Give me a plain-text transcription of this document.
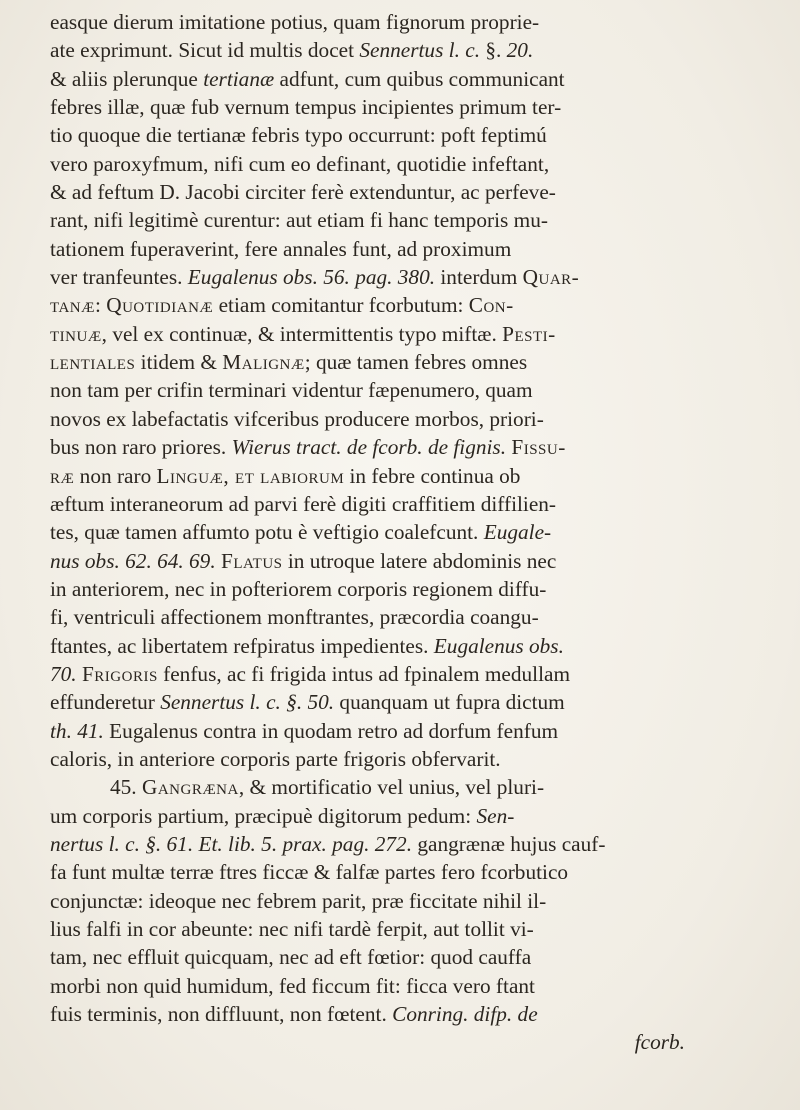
easque dierum imitatione potius, quam fignorum proprie-
ate exprimunt. Sicut id multis docet Sennertus l. c. §. 20.
& aliis plerunque tertianæ adfunt, cum quibus communicant
febres illæ, quæ fub vernum tempus incipientes primum ter-
tio quoque die tertianæ febris typo occurrunt: poft feptimú
vero paroxyfmum, nifi cum eo definant, quotidie infeftant,
& ad feftum D. Jacobi circiter ferè extenduntur, ac perfeve-
rant, nifi legitimè curentur: aut etiam fi hanc temporis mu-
tationem fuperaverint, fere annales funt, ad proximum
ver tranfeuntes. Eugalenus obs. 56. pag. 380. interdum Quar-
tanæ: Quotidianæ etiam comitantur fcorbutum: Con-
tinuæ, vel ex continuæ, & intermittentis typo miftæ. Pesti-
lentiales itidem & Malignæ; quæ tamen febres omnes
non tam per crifin terminari videntur fæpenumero, quam
novos ex labefactatis vifceribus producere morbos, priori-
bus non raro priores. Wierus tract. de fcorb. de fignis. Fissu-
ræ non raro Linguæ, et labiorum in febre continua ob
æftum interaneorum ad parvi ferè digiti craffitiem diffilien-
tes, quæ tamen affumto potu è veftigio coalefcunt. Eugale-
nus obs. 62. 64. 69. Flatus in utroque latere abdominis nec
in anteriorem, nec in pofteriorem corporis regionem diffu-
fi, ventriculi affectionem monftrantes, præcordia coangu-
ftantes, ac libertatem refpiratus impedientes. Eugalenus obs.
70. Frigoris fenfus, ac fi frigida intus ad fpinalem medullam
effunderetur Sennertus l. c. §. 50. quanquam ut fupra dictum
th. 41. Eugalenus contra in quodam retro ad dorfum fenfum
caloris, in anteriore corporis parte frigoris obfervarit.
45. Gangræna, & mortificatio vel unius, vel pluri-
um corporis partium, præcipuè digitorum pedum: Sen-
nertus l. c. §. 61. Et. lib. 5. prax. pag. 272. gangrænæ hujus cauf-
fa funt multæ terræ ftres ficcæ & falfæ partes fero fcorbutico
conjunctæ: ideoque nec febrem parit, præ ficcitate nihil il-
lius falfi in cor abeunte: nec nifi tardè ferpit, aut tollit vi-
tam, nec effluit quicquam, nec ad eft fœtior: quod cauffa
morbi non quid humidum, fed ficcum fit: ficca vero ftant
fuis terminis, non diffluunt, non fœtent. Conring. difp. de
fcorb.
